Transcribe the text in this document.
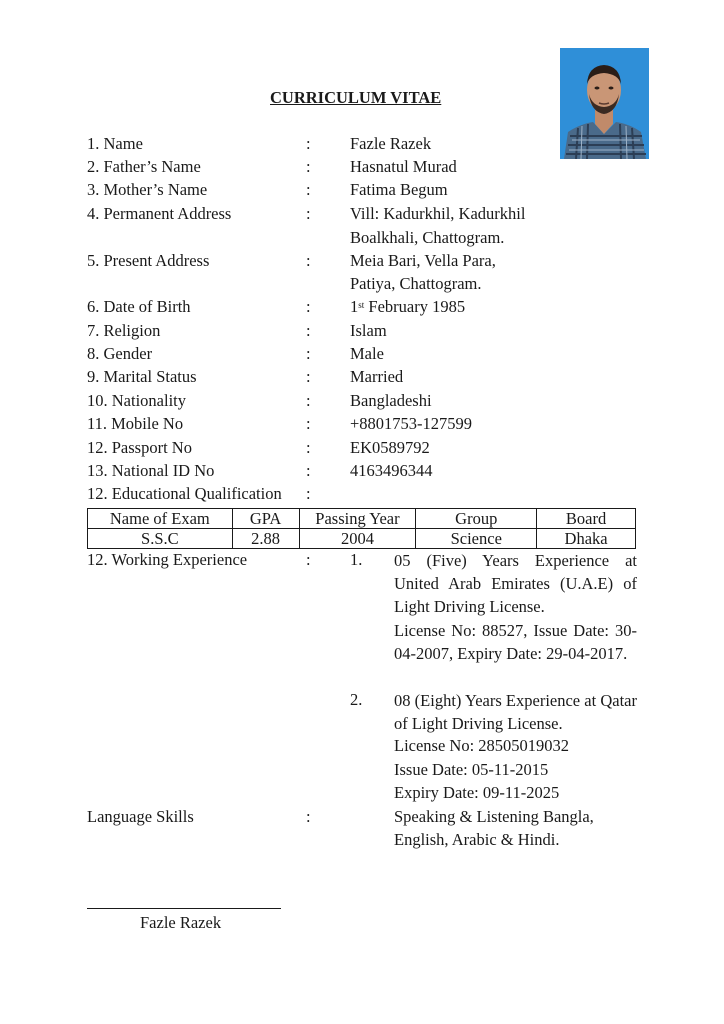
CURRICULUM VITAE
1. Name	: Fazle Razek
2. Father’s Name	: Hasnatul Murad
3. Mother’s Name	: Fatima Begum
4. Permanent Address	: Vill: Kadurkhil, Kadurkhil
Boalkhali, Chattogram.
5. Present Address	: Meia Bari, Vella Para,
Patiya, Chattogram.
6. Date of Birth	: 1st February 1985
7. Religion	: Islam
8. Gender	: Male
9. Marital Status	: Married
10. Nationality	: Bangladeshi
11. Mobile No	: +8801753-127599
12. Passport No	: EK0589792
13. National ID No	: 4163496344
12. Educational Qualification :
Name of Exam	GPA	Passing Year	Group	Board
S.S.C	2.88	2004	Science	Dhaka
12. Working Experience	: 1. 05 (Five) Years Experience at United Arab Emirates (U.A.E) of Light Driving License.
License No: 88527, Issue Date: 30-04-2007, Expiry Date: 29-04-2017.
2. 08 (Eight) Years Experience at Qatar of Light Driving License.
License No: 28505019032
Issue Date: 05-11-2015
Expiry Date: 09-11-2025
Language Skills	:	Speaking & Listening Bangla,
English, Arabic & Hindi.
Fazle Razek
